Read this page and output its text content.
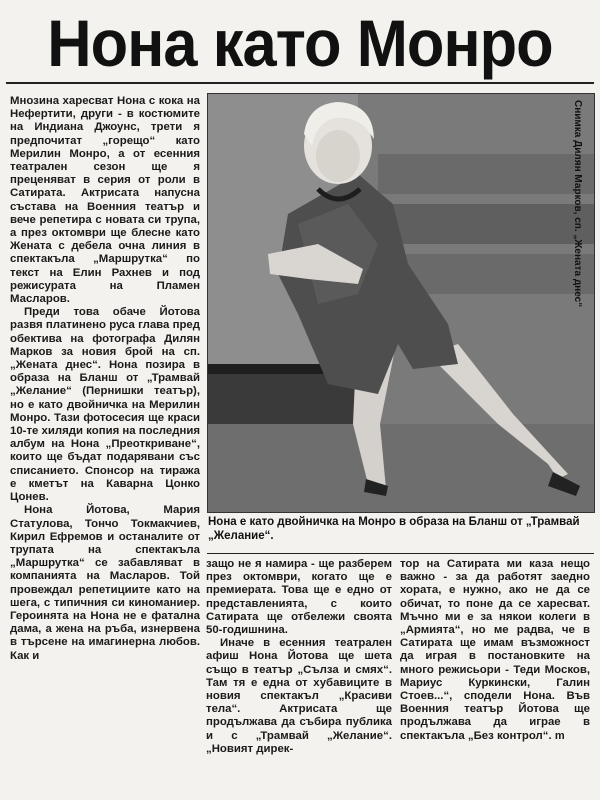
Нона като Монро

Мнозина харесват Нона с кока на Нефертити, други - в костюмите на Индиана Джоунс, трети я предпочитат „горещо“ като Мерилин Монро, а от есенния театрален сезон ще я преценяват в серия от роли в Сатирата. Актрисата напусна състава на Военния театър и вече репетира с новата си трупа, а през октомври ще блесне като Жената с дебела очна линия в спектакъла „Маршрутка“ по текст на Елин Рахнев и под режисурата на Пламен Масларов.

Преди това обаче Йотова развя платинено руса глава пред обектива на фотографа Дилян Марков за новия брой на сп. „Жената днес“. Нона позира в образа на Бланш от „Трамвай „Желание“ (Пернишки театър), но е като двойничка на Мерилин Монро. Тази фотосесия ще краси 10-те хиляди копия на последния албум на Нона „Преоткриване“, които ще бъдат подарявани със списанието. Спонсор на тиража е кметът на Каварна Цонко Цонев.

Нона Йотова, Мария Статулова, Тончо Токмакчиев, Кирил Ефремов и останалите от трупата на спектакъла „Маршрутка“ се забавляват в компанията на Масларов. Той провеждал репетициите като на шега, с типичния си киноманиер. Героинята на Нона не е фатална дама, а жена на ръба, изнервена в търсене на имагинерна любов. Как и

Снимка Дилян Марков, сп. „Жената днес“
Нона е като двойничка на Монро в образа на Бланш от „Трамвай „Желание“.

защо не я намира - ще разберем през октомври, когато ще е премиерата. Това ще е едно от представленията, с които Сатирата ще отбележи своята 50-годишнина.

Иначе в есенния театрален афиш Нона Йотова ще шета също в театър „Сълза и смях“. Там тя е една от хубавиците в новия спектакъл „Красиви тела“. Актрисата ще продължава да събира публика и с „Трамвай „Желание“. „Новият дирек-

тор на Сатирата ми каза нещо важно - за да работят заедно хората, е нужно, ако не да се обичат, то поне да се харесват. Мъчно ми е за някои колеги в „Армията“, но ме радва, че в Сатирата ще имам възможност да играя в постановките на много режисьори - Теди Москов, Мариус Куркински, Галин Стоев...“, сподели Нона. Във Военния театър Йотова ще продължава да играе в спектакъла „Без контрол“. m
